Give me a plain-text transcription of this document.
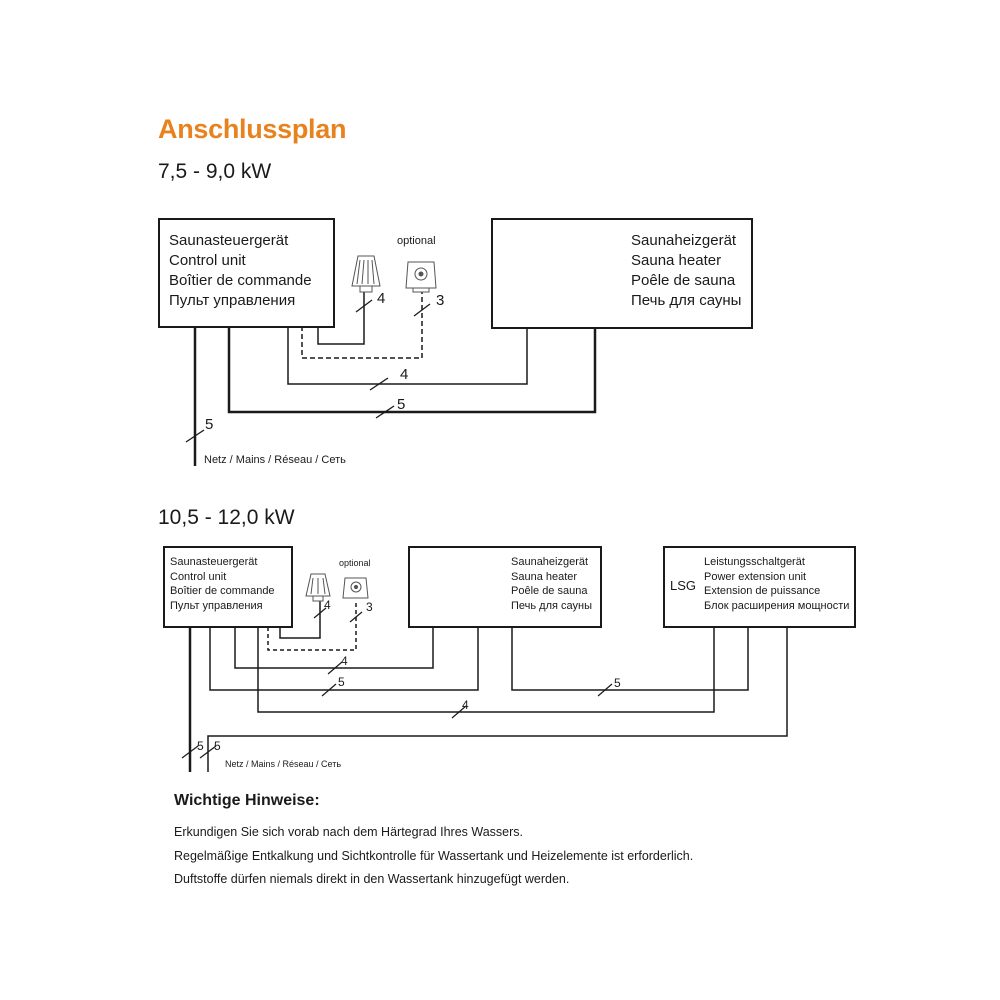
Anschlussplan
7,5 - 9,0 kW
10,5 - 12,0 kW
Saunasteuergerät
Control unit
Boîtier de commande
Пульт управления
Saunaheizgerät
Sauna heater
Poêle de sauna
Печь для сауны
optional
4	3
4
5
5
Netz / Mains / Réseau / Сеть
Saunasteuergerät
Control unit
Boîtier de commande
Пульт управления
Saunaheizgerät
Sauna heater
Poêle de sauna
Печь для сауны
LSG
Leistungsschaltgerät
Power extension unit
Extension de puissance
Блок расширения мощности
optional
4	3
4
5	5
4
5 5
Netz / Mains / Réseau / Сеть
Wichtige Hinweise:
Erkundigen Sie sich vorab nach dem Härtegrad Ihres Wassers.
Regelmäßige Entkalkung und Sichtkontrolle für Wassertank und Heizelemente ist erforderlich.
Duftstoffe dürfen niemals direkt in den Wassertank hinzugefügt werden.
